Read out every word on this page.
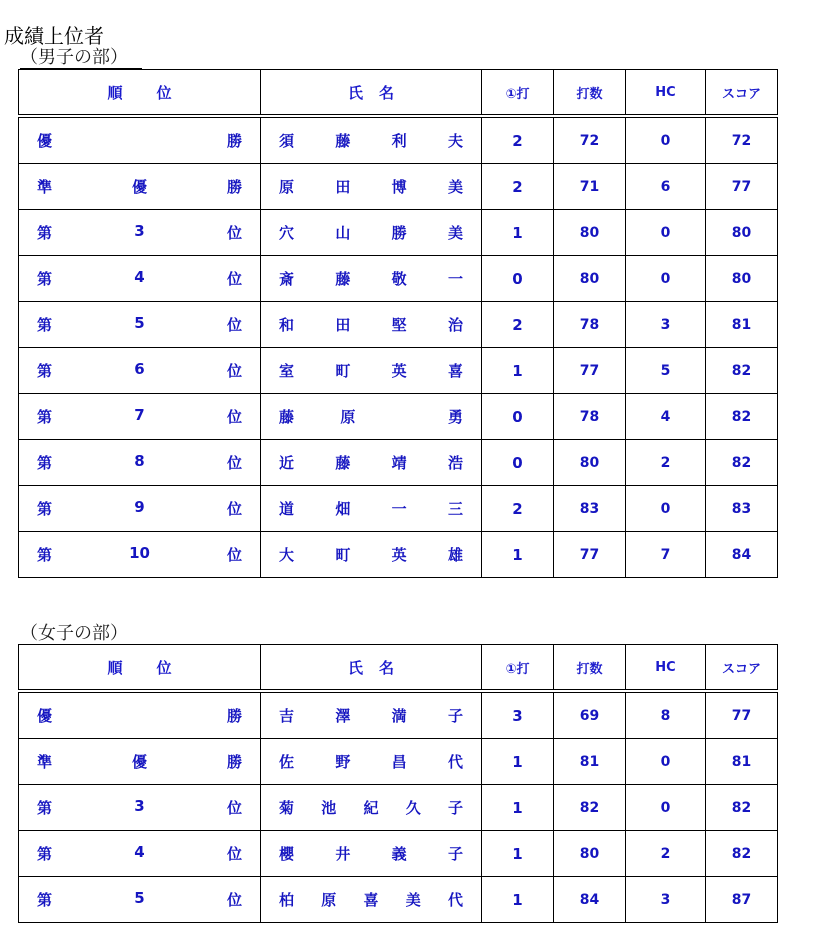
成績上位者
（男子の部）
順 位	氏 名	①打	打数	HC	スコア

優 勝	須 藤 利 夫	2	72	0	72

準 優 勝	原 田 博 美	2	71	6	77

第 3 位	穴 山 勝 美	1	80	0	80

第 4 位	斎 藤 敬 一	0	80	0	80

第 5 位	和 田 堅 治	2	78	3	81

第 6 位	室 町 英 喜	1	77	5	82

第 7 位	藤 原 勇	0	78	4	82

第 8 位	近 藤 靖 浩	0	80	2	82

第 9 位	道 畑 一 三	2	83	0	83

第 10 位	大 町 英 雄	1	77	7	84
（女子の部）
順 位	氏 名	①打	打数	HC	スコア

優 勝	吉 澤 満 子	3	69	8	77

準 優 勝	佐 野 昌 代	1	81	0	81

第 3 位	菊 池 紀 久 子	1	82	0	82

第 4 位	櫻 井 義 子	1	80	2	82

第 5 位	柏 原 喜 美 代	1	84	3	87
